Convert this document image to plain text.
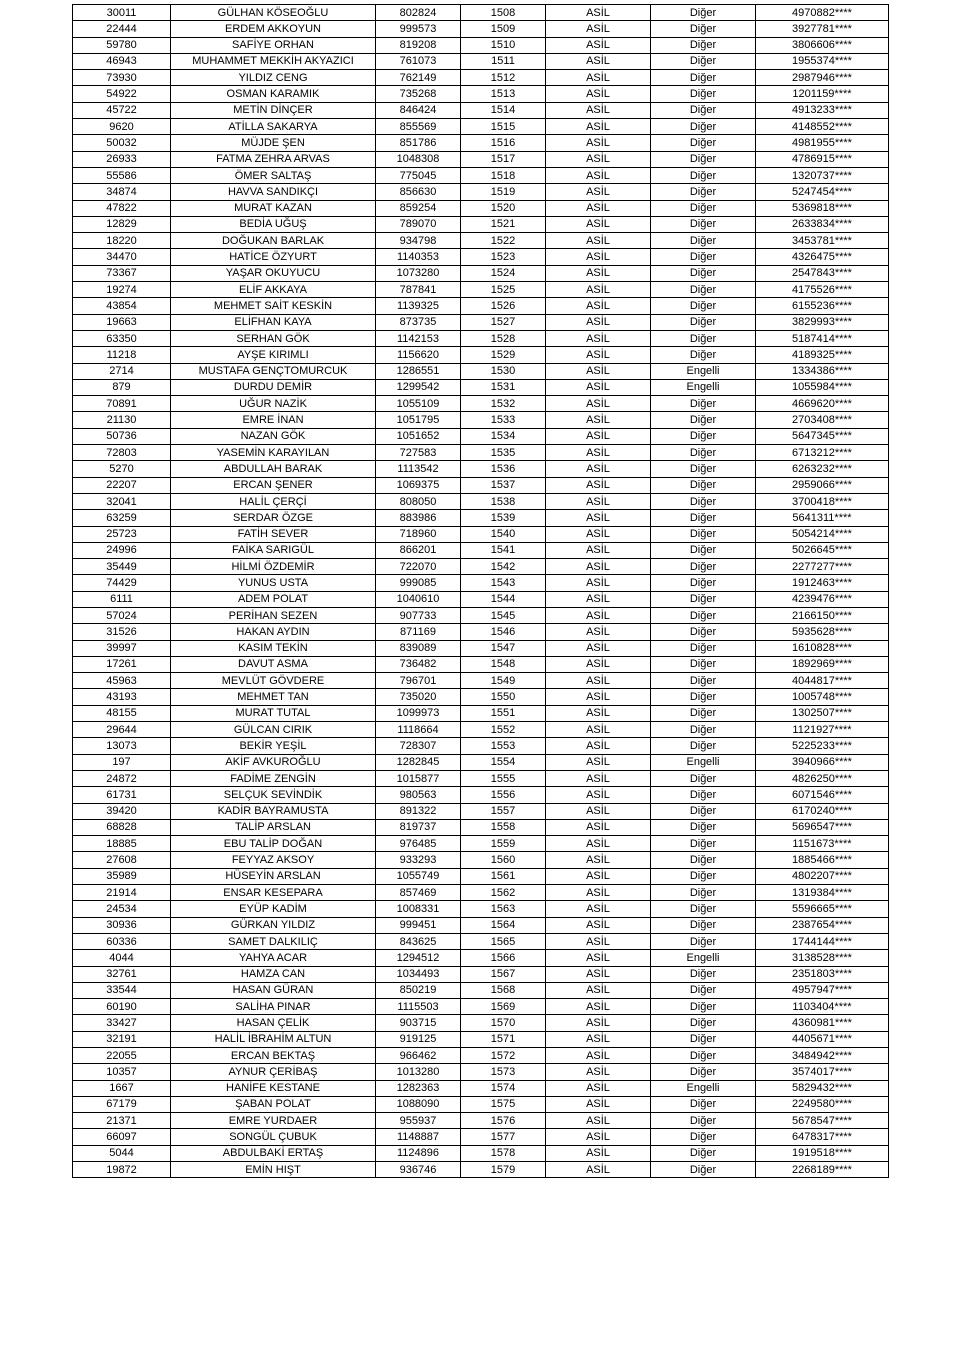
30011	GÜLHAN KÖSEOĞLU	802824	1508	ASİL	Diğer	4970882****
22444	ERDEM AKKOYUN	999573	1509	ASİL	Diğer	3927781****
59780	SAFİYE ORHAN	819208	1510	ASİL	Diğer	3806606****
46943	MUHAMMET MEKKİH AKYAZICI	761073	1511	ASİL	Diğer	1955374****
73930	YILDIZ CENG	762149	1512	ASİL	Diğer	2987946****
54922	OSMAN KARAMIK	735268	1513	ASİL	Diğer	1201159****
45722	METİN DİNÇER	846424	1514	ASİL	Diğer	4913233****
9620	ATİLLA SAKARYA	855569	1515	ASİL	Diğer	4148552****
50032	MÜJDE ŞEN	851786	1516	ASİL	Diğer	4981955****
26933	FATMA ZEHRA ARVAS	1048308	1517	ASİL	Diğer	4786915****
55586	ÖMER SALTAŞ	775045	1518	ASİL	Diğer	1320737****
34874	HAVVA SANDIKÇI	856630	1519	ASİL	Diğer	5247454****
47822	MURAT KAZAN	859254	1520	ASİL	Diğer	5369818****
12829	BEDİA UĞUŞ	789070	1521	ASİL	Diğer	2633834****
18220	DOĞUKAN BARLAK	934798	1522	ASİL	Diğer	3453781****
34470	HATİCE ÖZYURT	1140353	1523	ASİL	Diğer	4326475****
73367	YAŞAR OKUYUCU	1073280	1524	ASİL	Diğer	2547843****
19274	ELİF AKKAYA	787841	1525	ASİL	Diğer	4175526****
43854	MEHMET SAİT KESKİN	1139325	1526	ASİL	Diğer	6155236****
19663	ELİFHAN KAYA	873735	1527	ASİL	Diğer	3829993****
63350	SERHAN GÖK	1142153	1528	ASİL	Diğer	5187414****
11218	AYŞE KIRIMLI	1156620	1529	ASİL	Diğer	4189325****
2714	MUSTAFA GENÇTOMURCUK	1286551	1530	ASİL	Engelli	1334386****
879	DURDU DEMİR	1299542	1531	ASİL	Engelli	1055984****
70891	UĞUR NAZİK	1055109	1532	ASİL	Diğer	4669620****
21130	EMRE İNAN	1051795	1533	ASİL	Diğer	2703408****
50736	NAZAN GÖK	1051652	1534	ASİL	Diğer	5647345****
72803	YASEMİN KARAYILAN	727583	1535	ASİL	Diğer	6713212****
5270	ABDULLAH BARAK	1113542	1536	ASİL	Diğer	6263232****
22207	ERCAN ŞENER	1069375	1537	ASİL	Diğer	2959066****
32041	HALİL ÇERÇİ	808050	1538	ASİL	Diğer	3700418****
63259	SERDAR ÖZGE	883986	1539	ASİL	Diğer	5641311****
25723	FATİH SEVER	718960	1540	ASİL	Diğer	5054214****
24996	FAİKA SARIGÜL	866201	1541	ASİL	Diğer	5026645****
35449	HİLMİ ÖZDEMİR	722070	1542	ASİL	Diğer	2277277****
74429	YUNUS USTA	999085	1543	ASİL	Diğer	1912463****
6111	ADEM POLAT	1040610	1544	ASİL	Diğer	4239476****
57024	PERİHAN SEZEN	907733	1545	ASİL	Diğer	2166150****
31526	HAKAN AYDIN	871169	1546	ASİL	Diğer	5935628****
39997	KASIM TEKİN	839089	1547	ASİL	Diğer	1610828****
17261	DAVUT ASMA	736482	1548	ASİL	Diğer	1892969****
45963	MEVLÜT GÖVDERE	796701	1549	ASİL	Diğer	4044817****
43193	MEHMET TAN	735020	1550	ASİL	Diğer	1005748****
48155	MURAT TUTAL	1099973	1551	ASİL	Diğer	1302507****
29644	GÜLCAN CIRIK	1118664	1552	ASİL	Diğer	1121927****
13073	BEKİR YEŞİL	728307	1553	ASİL	Diğer	5225233****
197	AKİF AVKUROĞLU	1282845	1554	ASİL	Engelli	3940966****
24872	FADİME ZENGİN	1015877	1555	ASİL	Diğer	4826250****
61731	SELÇUK SEVİNDİK	980563	1556	ASİL	Diğer	6071546****
39420	KADİR BAYRAMUSTA	891322	1557	ASİL	Diğer	6170240****
68828	TALİP ARSLAN	819737	1558	ASİL	Diğer	5696547****
18885	EBU TALİP DOĞAN	976485	1559	ASİL	Diğer	1151673****
27608	FEYYAZ AKSOY	933293	1560	ASİL	Diğer	1885466****
35989	HÜSEYİN ARSLAN	1055749	1561	ASİL	Diğer	4802207****
21914	ENSAR KESEPARA	857469	1562	ASİL	Diğer	1319384****
24534	EYÜP KADİM	1008331	1563	ASİL	Diğer	5596665****
30936	GÜRKAN YILDIZ	999451	1564	ASİL	Diğer	2387654****
60336	SAMET DALKILIÇ	843625	1565	ASİL	Diğer	1744144****
4044	YAHYA ACAR	1294512	1566	ASİL	Engelli	3138528****
32761	HAMZA CAN	1034493	1567	ASİL	Diğer	2351803****
33544	HASAN GÜRAN	850219	1568	ASİL	Diğer	4957947****
60190	SALİHA PINAR	1115503	1569	ASİL	Diğer	1103404****
33427	HASAN ÇELİK	903715	1570	ASİL	Diğer	4360981****
32191	HALİL İBRAHİM ALTUN	919125	1571	ASİL	Diğer	4405671****
22055	ERCAN BEKTAŞ	966462	1572	ASİL	Diğer	3484942****
10357	AYNUR ÇERİBAŞ	1013280	1573	ASİL	Diğer	3574017****
1667	HANİFE KESTANE	1282363	1574	ASİL	Engelli	5829432****
67179	ŞABAN POLAT	1088090	1575	ASİL	Diğer	2249580****
21371	EMRE YURDAER	955937	1576	ASİL	Diğer	5678547****
66097	SONGÜL ÇUBUK	1148887	1577	ASİL	Diğer	6478317****
5044	ABDULBAKİ ERTAŞ	1124896	1578	ASİL	Diğer	1919518****
19872	EMİN HIŞT	936746	1579	ASİL	Diğer	2268189****
